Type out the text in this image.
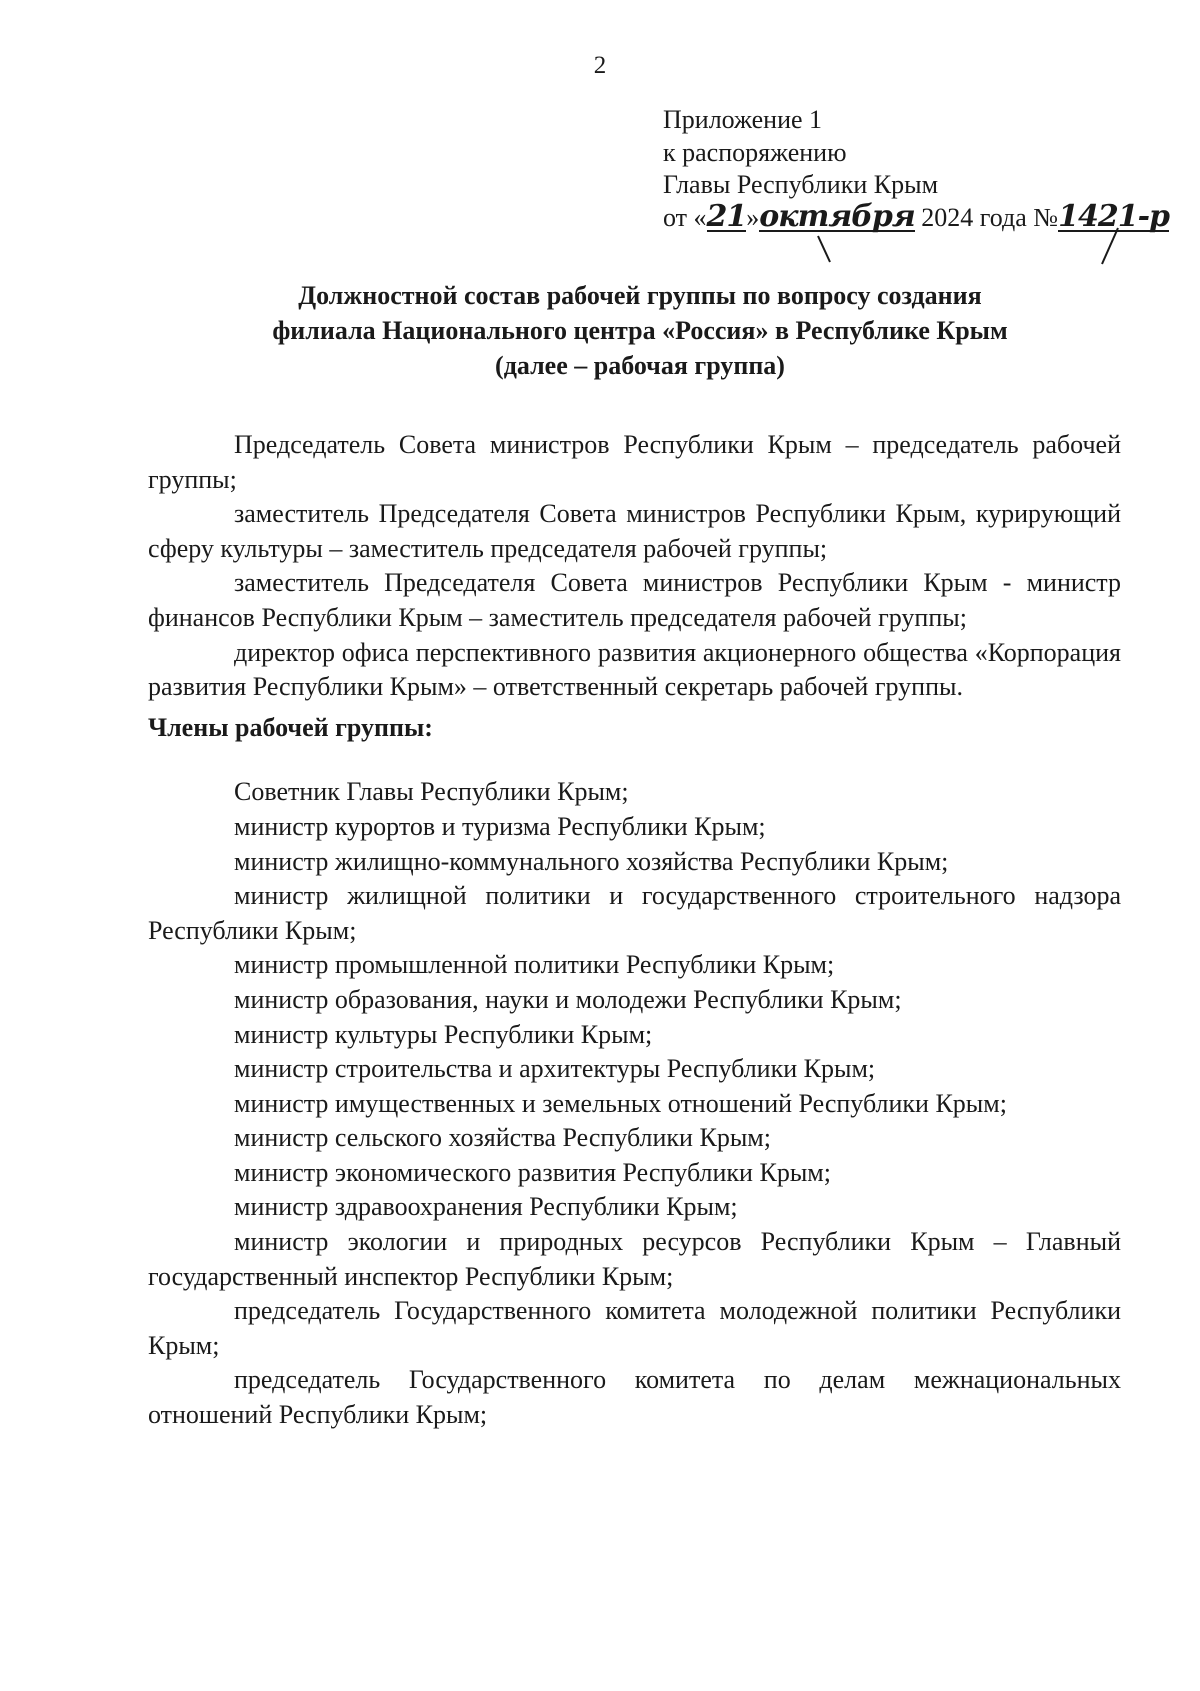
2
Приложение 1
к распоряжению
Главы Республики Крым
от «21»октября 2024 года №1421-р
Должностной состав рабочей группы по вопросу создания
филиала Национального центра «Россия» в Республике Крым
(далее – рабочая группа)

Председатель Совета министров Республики Крым – председатель рабочей группы;

заместитель Председателя Совета министров Республики Крым, курирующий сферу культуры – заместитель председателя рабочей группы;

заместитель Председателя Совета министров Республики Крым - министр финансов Республики Крым – заместитель председателя рабочей группы;

директор офиса перспективного развития акционерного общества «Корпорация развития Республики Крым» – ответственный секретарь рабочей группы.

Члены рабочей группы:

Советник Главы Республики Крым;

министр курортов и туризма Республики Крым;

министр жилищно-коммунального хозяйства Республики Крым;

министр жилищной политики и государственного строительного надзора Республики Крым;

министр промышленной политики Республики Крым;

министр образования, науки и молодежи Республики Крым;

министр культуры Республики Крым;

министр строительства и архитектуры Республики Крым;

министр имущественных и земельных отношений Республики Крым;

министр сельского хозяйства Республики Крым;

министр экономического развития Республики Крым;

министр здравоохранения Республики Крым;

министр экологии и природных ресурсов Республики Крым – Главный государственный инспектор Республики Крым;

председатель Государственного комитета молодежной политики Республики Крым;

председатель Государственного комитета по делам межнациональных отношений Республики Крым;
